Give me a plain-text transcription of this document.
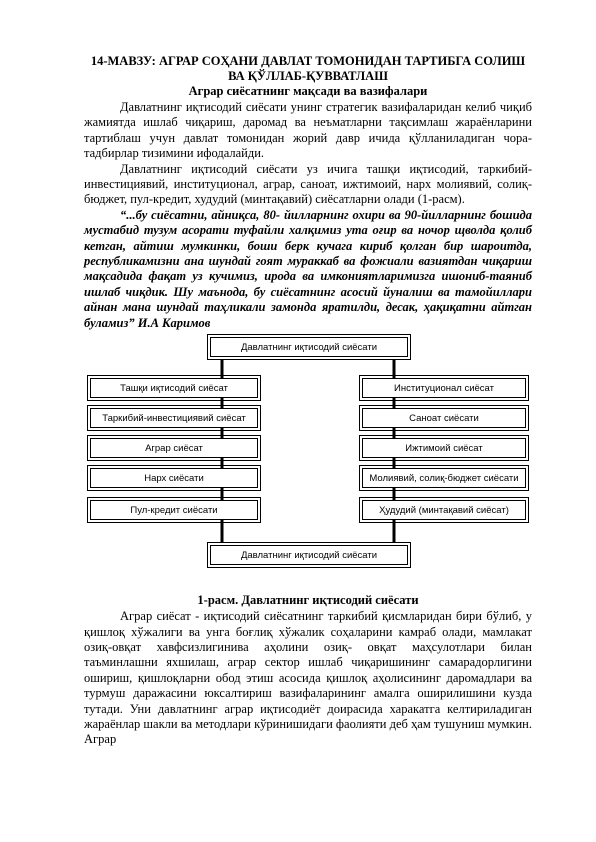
14-МАВЗУ: АГРАР СОҲАНИ ДАВЛАТ ТОМОНИДАН ТАРТИБГА СОЛИШ ВА ҚЎЛЛАБ-ҚУВВАТЛАШ
Аграр сиёсатнинг мақсади ва вазифалари

Давлатнинг иқтисодий сиёсати унинг стратегик вазифаларидан келиб чиқиб жамиятда ишлаб чиқариш, даромад ва неъматларни тақсимлаш жараёнларини тартиблаш учун давлат томонидан жорий давр ичида қўлланиладиган чора-тадбирлар тизимини ифодалайди.

Давлатнинг иқтисодий сиёсати уз ичига ташқи иқтисодий, таркибий-инвестициявий, институционал, аграр, саноат, ижтимоий, нарх молиявий, солиқ-бюджет, пул-кредит, худудий (минтақавий) сиёсатларни олади (1-расм).

“...бу сиёсатни, айниқса, 80- йилларнинг охири ва 90-йилларнинг бошида мустабид тузум асорати туфайли халқимиз ута оғир ва ночор щволда қолиб кетган, айтиш мумкинки, боши берк кучага кириб қолган бир шароитда, республикамизни ана шундай гоят мураккаб ва фожиали вазиятдан чиқариш мақсадида фақат уз кучимиз, ирода ва имкониятларимизга ишониб-таяниб ишлаб чиқдик. Шу маънода, бу сиёсатнинг асосий йуналиш ва тамойиллари айнан мана шундай таҳликали замонда яратилди, десак, ҳақиқатни айтган буламиз” И.А Каримов

Давлатнинг иқтисодий сиёсати
Ташқи иқтисодий сиёсат
Таркибий-инвестициявий сиёсат
Аграр сиёсат
Нарх сиёсати
Пул-кредит сиёсати
Институционал сиёсат
Саноат сиёсати
Ижтимоий сиёсат
Молиявий, солиқ-бюджет сиёсати
Ҳудудий (минтақавий сиёсат)
Давлатнинг иқтисодий сиёсати
1-расм. Давлатнинг иқтисодий сиёсати

Аграр сиёсат - иқтисодий сиёсатнинг таркибий қисмларидан бири бўлиб, у қишлоқ хўжалиги ва унга боғлиқ хўжалик соҳаларини камраб олади, мамлакат озиқ-овқат хавфсизлигинива аҳолини озиқ- овқат маҳсулотлари билан таъминлашни яхшилаш, аграр сектор ишлаб чиқаришининг самарадорлигини ошириш, қишлоқларни обод этиш асосида қишлоқ аҳолисининг даромадлари ва турмуш даражасини юксалтириш вазифаларининг амалга оширилишини кузда тутади. Уни давлатнинг аграр иқтисодиёт доирасида харакатга келтириладиган жараёнлар шакли ва методлари кўринишидаги фаолияти деб ҳам тушуниш мумкин. Аграр
